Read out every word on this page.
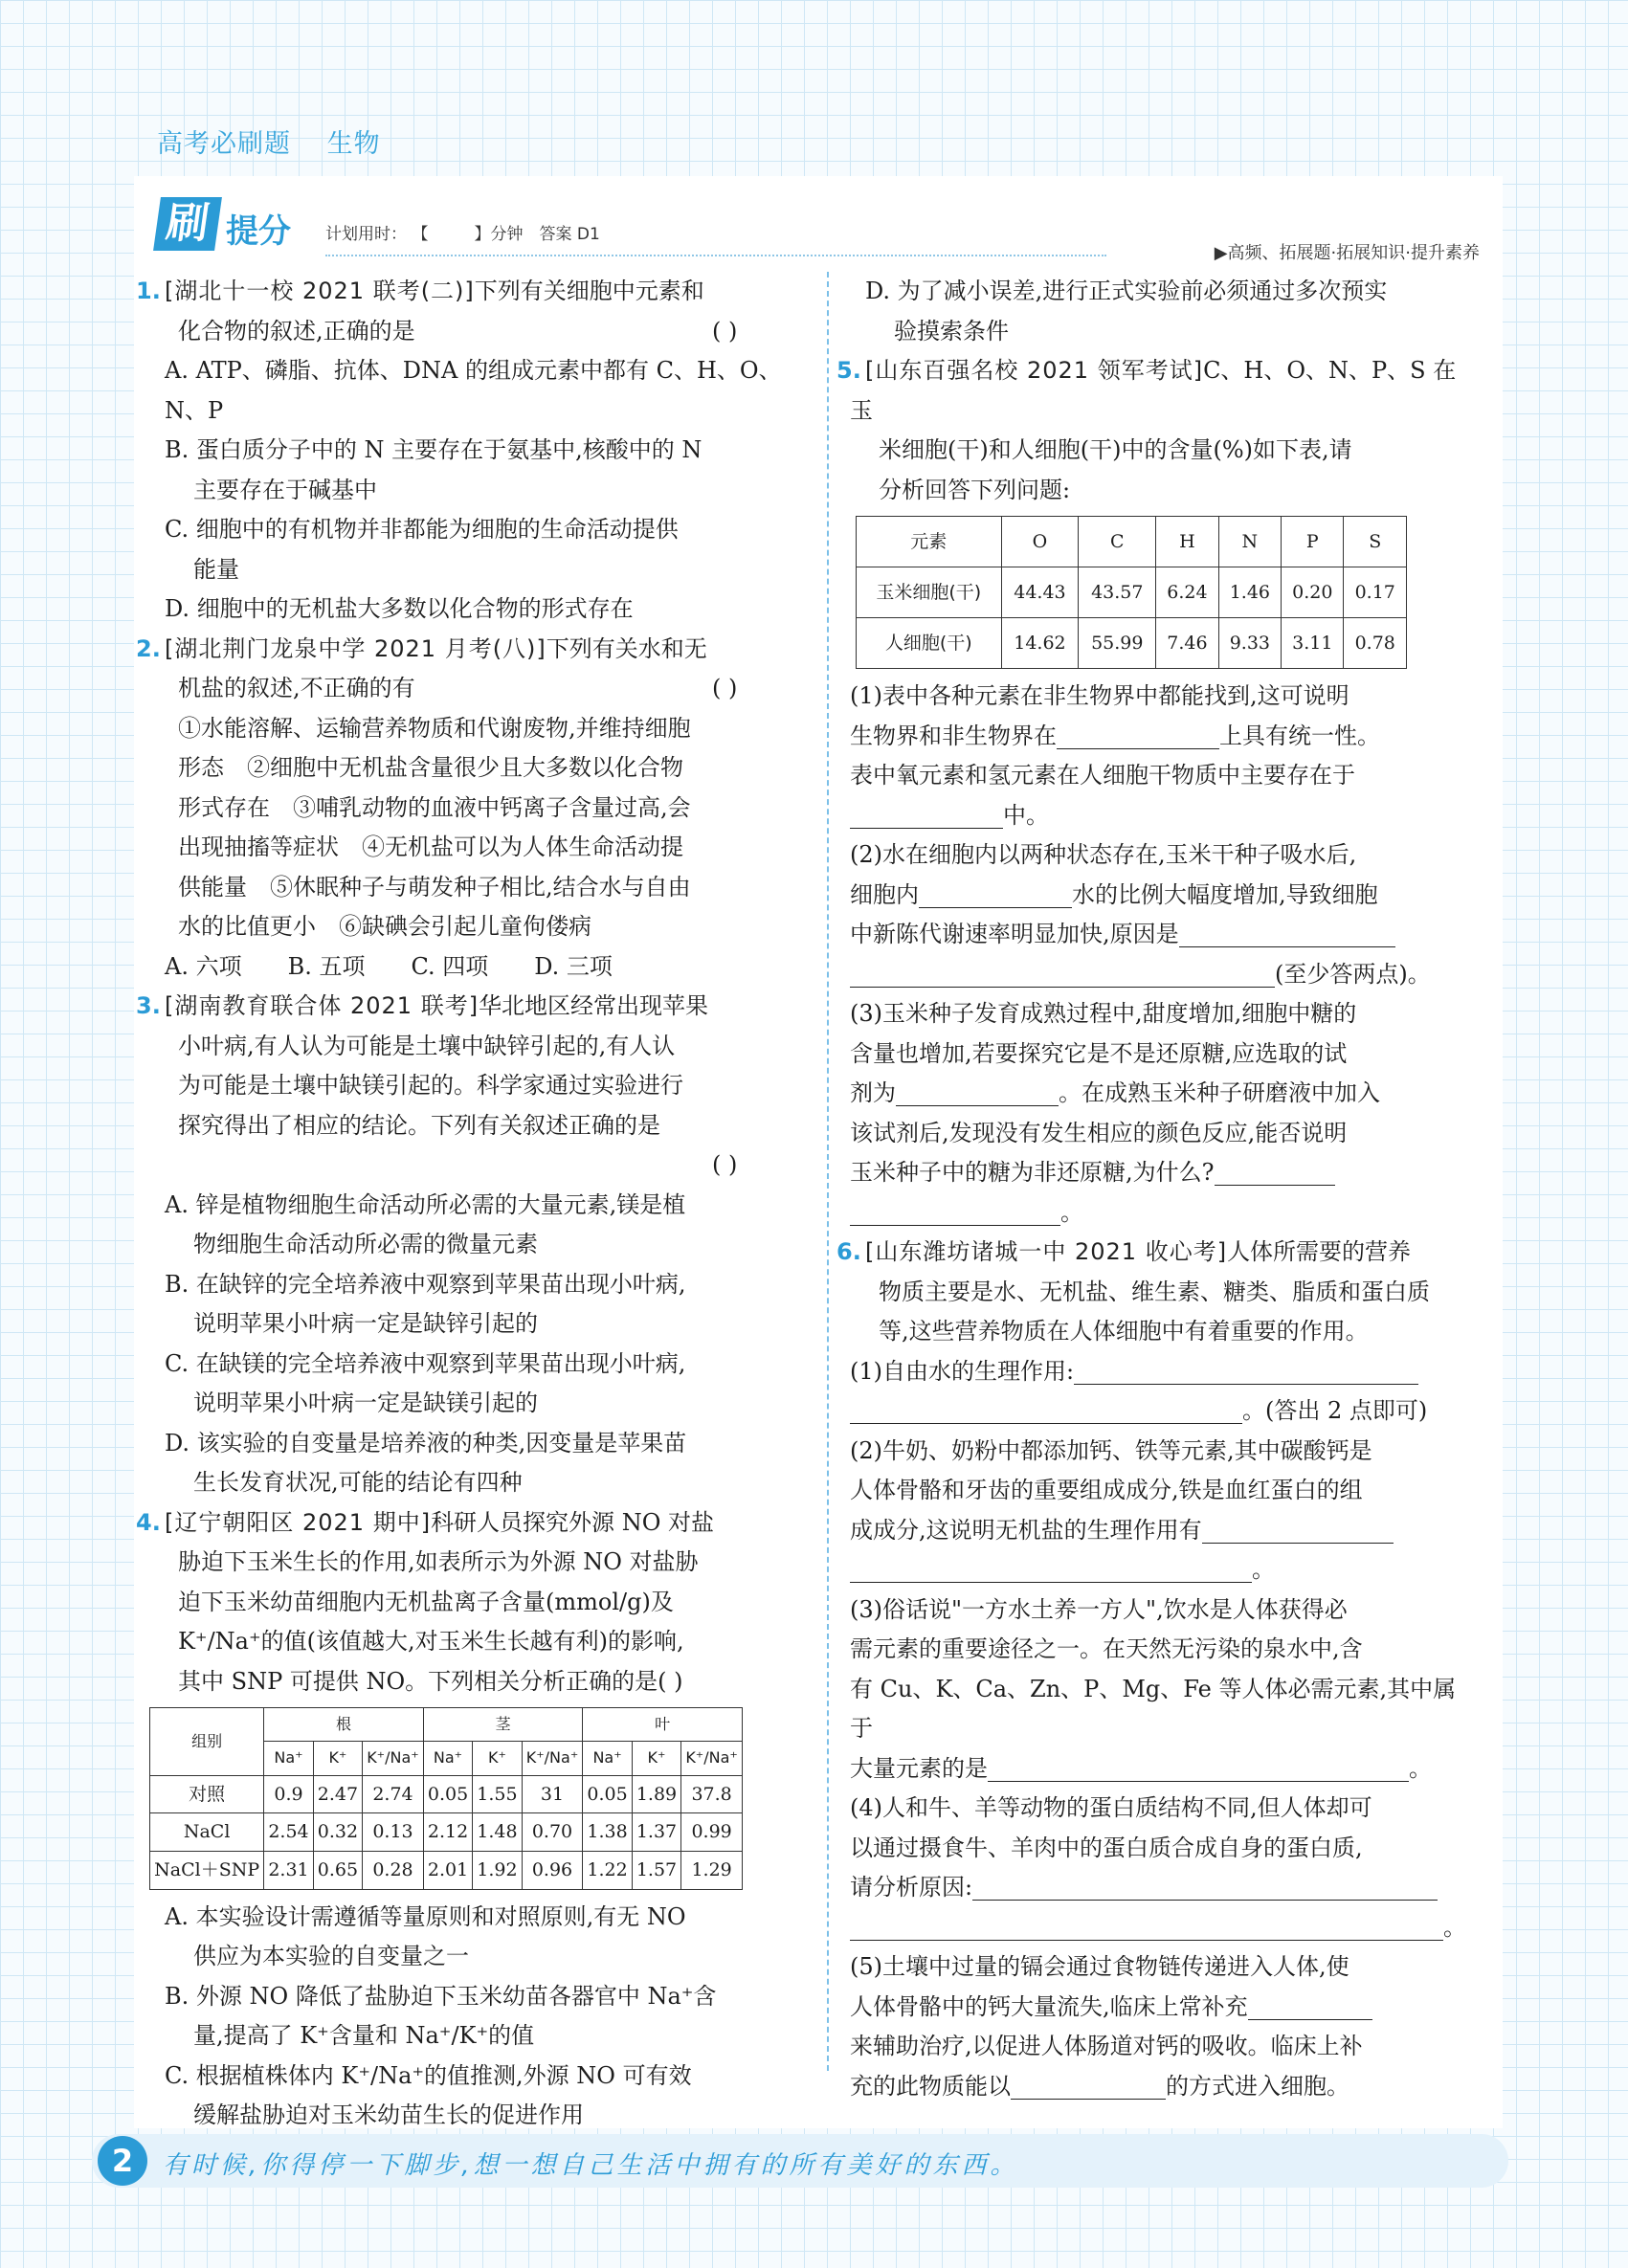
高考必刷题 生物
刷 提分 计划用时： 【	】分钟　 答案 D1
▶高频、拓展题·拓展知识·提升素养
1. [湖北十一校 2021 联考(二)]下列有关细胞中元素和
( )
化合物的叙述,正确的是
A. ATP、磷脂、抗体、DNA 的组成元素中都有 C、H、O、N、P
B. 蛋白质分子中的 N 主要存在于氨基中,核酸中的 N
主要存在于碱基中
C. 细胞中的有机物并非都能为细胞的生命活动提供
能量
D. 细胞中的无机盐大多数以化合物的形式存在
2. [湖北荆门龙泉中学 2021 月考(八)]下列有关水和无
( )
机盐的叙述,不正确的有
①水能溶解、运输营养物质和代谢废物,并维持细胞
形态　②细胞中无机盐含量很少且大多数以化合物
形式存在　③哺乳动物的血液中钙离子含量过高,会
出现抽搐等症状　④无机盐可以为人体生命活动提
供能量　⑤休眠种子与萌发种子相比,结合水与自由
水的比值更小　⑥缺碘会引起儿童佝偻病
A. 六项　　B. 五项　　C. 四项　　D. 三项
3. [湖南教育联合体 2021 联考]华北地区经常出现苹果
小叶病,有人认为可能是土壤中缺锌引起的,有人认
为可能是土壤中缺镁引起的。科学家通过实验进行
探究得出了相应的结论。下列有关叙述正确的是
( )
A. 锌是植物细胞生命活动所必需的大量元素,镁是植
物细胞生命活动所必需的微量元素
B. 在缺锌的完全培养液中观察到苹果苗出现小叶病,
说明苹果小叶病一定是缺锌引起的
C. 在缺镁的完全培养液中观察到苹果苗出现小叶病,
说明苹果小叶病一定是缺镁引起的
D. 该实验的自变量是培养液的种类,因变量是苹果苗
生长发育状况,可能的结论有四种
4. [辽宁朝阳区 2021 期中]科研人员探究外源 NO 对盐
胁迫下玉米生长的作用,如表所示为外源 NO 对盐胁
迫下玉米幼苗细胞内无机盐离子含量(mmol/g)及
K⁺/Na⁺的值(该值越大,对玉米生长越有利)的影响,
其中 SNP 可提供 NO。下列相关分析正确的是( )
组别	根			茎			叶		
	Na⁺	K⁺	K⁺/Na⁺	Na⁺	K⁺	K⁺/Na⁺	Na⁺	K⁺	K⁺/Na⁺
对照	0.9	2.47	2.74	0.05	1.55	31	0.05	1.89	37.8
NaCl	2.54	0.32	0.13	2.12	1.48	0.70	1.38	1.37	0.99
NaCl＋SNP	2.31	0.65	0.28	2.01	1.92	0.96	1.22	1.57	1.29
A. 本实验设计需遵循等量原则和对照原则,有无 NO
供应为本实验的自变量之一
B. 外源 NO 降低了盐胁迫下玉米幼苗各器官中 Na⁺含
量,提高了 K⁺含量和 Na⁺/K⁺的值
C. 根据植株体内 K⁺/Na⁺的值推测,外源 NO 可有效
缓解盐胁迫对玉米幼苗生长的促进作用
D. 为了减小误差,进行正式实验前必须通过多次预实
验摸索条件
5. [山东百强名校 2021 领军考试]C、H、O、N、P、S 在玉
米细胞(干)和人细胞(干)中的含量(%)如下表,请
分析回答下列问题:
元素	O	C	H	N	P	S
玉米细胞(干)	44.43	43.57	6.24	1.46	0.20	0.17
人细胞(干)	14.62	55.99	7.46	9.33	3.11	0.78
(1)表中各种元素在非生物界中都能找到,这可说明
生物界和非生物界在	上具有统一性。
表中氧元素和氢元素在人细胞干物质中主要存在于
中。
(2)水在细胞内以两种状态存在,玉米干种子吸水后,
细胞内	水的比例大幅度增加,导致细胞
中新陈代谢速率明显加快,原因是
(至少答两点)。
(3)玉米种子发育成熟过程中,甜度增加,细胞中糖的
含量也增加,若要探究它是不是还原糖,应选取的试
剂为	。在成熟玉米种子研磨液中加入
该试剂后,发现没有发生相应的颜色反应,能否说明
玉米种子中的糖为非还原糖,为什么?
。
6. [山东潍坊诸城一中 2021 收心考]人体所需要的营养
物质主要是水、无机盐、维生素、糖类、脂质和蛋白质
等,这些营养物质在人体细胞中有着重要的作用。
(1)自由水的生理作用:
。(答出 2 点即可)
(2)牛奶、奶粉中都添加钙、铁等元素,其中碳酸钙是
人体骨骼和牙齿的重要组成成分,铁是血红蛋白的组
成成分,这说明无机盐的生理作用有
。
(3)俗话说"一方水土养一方人",饮水是人体获得必
需元素的重要途径之一。在天然无污染的泉水中,含
有 Cu、K、Ca、Zn、P、Mg、Fe 等人体必需元素,其中属于
大量元素的是	。
(4)人和牛、羊等动物的蛋白质结构不同,但人体却可
以通过摄食牛、羊肉中的蛋白质合成自身的蛋白质,
请分析原因:
。
(5)土壤中过量的镉会通过食物链传递进入人体,使
人体骨骼中的钙大量流失,临床上常补充
来辅助治疗,以促进人体肠道对钙的吸收。临床上补
充的此物质能以	的方式进入细胞。
2	有时候,你得停一下脚步,想一想自己生活中拥有的所有美好的东西。
